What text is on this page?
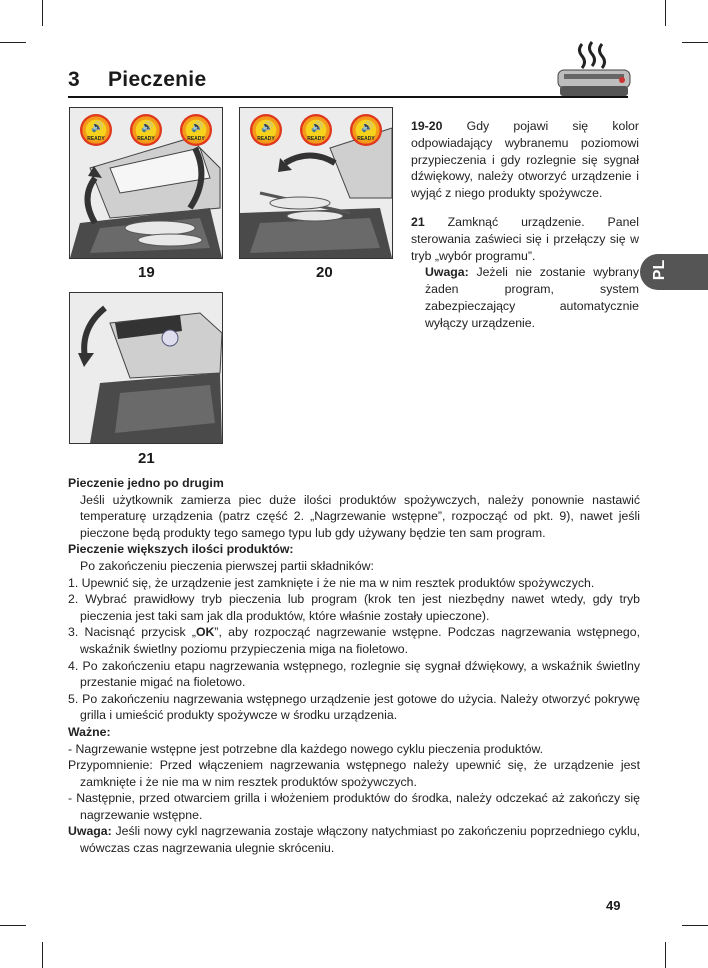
3 Pieczenie
PL
🔊
READY
🔊
READY
🔊
READY
19
🔊
READY
🔊
READY
🔊
READY
20
21

19-20 Gdy pojawi się kolor odpowiadający wybranemu poziomowi przypieczenia i gdy rozlegnie się sygnał dźwiękowy, należy otworzyć urządzenie i wyjąć z niego produkty spożywcze.

21 Zamknąć urządzenie. Panel sterowania zaświeci się i przełączy się w tryb „wybór programu”.
Uwaga: Jeżeli nie zostanie wybrany żaden program, system zabezpieczający automatycznie wyłączy urządzenie.

Pieczenie jedno po drugim

Jeśli użytkownik zamierza piec duże ilości produktów spożywczych, należy ponownie nastawić temperaturę urządzenia (patrz część 2. „Nagrzewanie wstępne”, rozpocząć od pkt. 9), nawet jeśli pieczone będą produkty tego samego typu lub gdy używany będzie ten sam program.

Pieczenie większych ilości produktów:

Po zakończeniu pieczenia pierwszej partii składników:

1. Upewnić się, że urządzenie jest zamknięte i że nie ma w nim resztek produktów spożywczych.

2. Wybrać prawidłowy tryb pieczenia lub program (krok ten jest niezbędny nawet wtedy, gdy tryb pieczenia jest taki sam jak dla produktów, które właśnie zostały upieczone).

3. Nacisnąć przycisk „OK”, aby rozpocząć nagrzewanie wstępne. Podczas nagrzewania wstępnego, wskaźnik świetlny poziomu przypieczenia miga na fioletowo.

4. Po zakończeniu etapu nagrzewania wstępnego, rozlegnie się sygnał dźwiękowy, a wskaźnik świetlny przestanie migać na fioletowo.

5. Po zakończeniu nagrzewania wstępnego urządzenie jest gotowe do użycia. Należy otworzyć pokrywę grilla i umieścić produkty spożywcze w środku urządzenia.

Ważne:

- Nagrzewanie wstępne jest potrzebne dla każdego nowego cyklu pieczenia produktów.

Przypomnienie: Przed włączeniem nagrzewania wstępnego należy upewnić się, że urządzenie jest zamknięte i że nie ma w nim resztek produktów spożywczych.

- Następnie, przed otwarciem grilla i włożeniem produktów do środka, należy odczekać aż zakończy się nagrzewanie wstępne.

Uwaga: Jeśli nowy cykl nagrzewania zostaje włączony natychmiast po zakończeniu poprzedniego cyklu, wówczas czas nagrzewania ulegnie skróceniu.

49
